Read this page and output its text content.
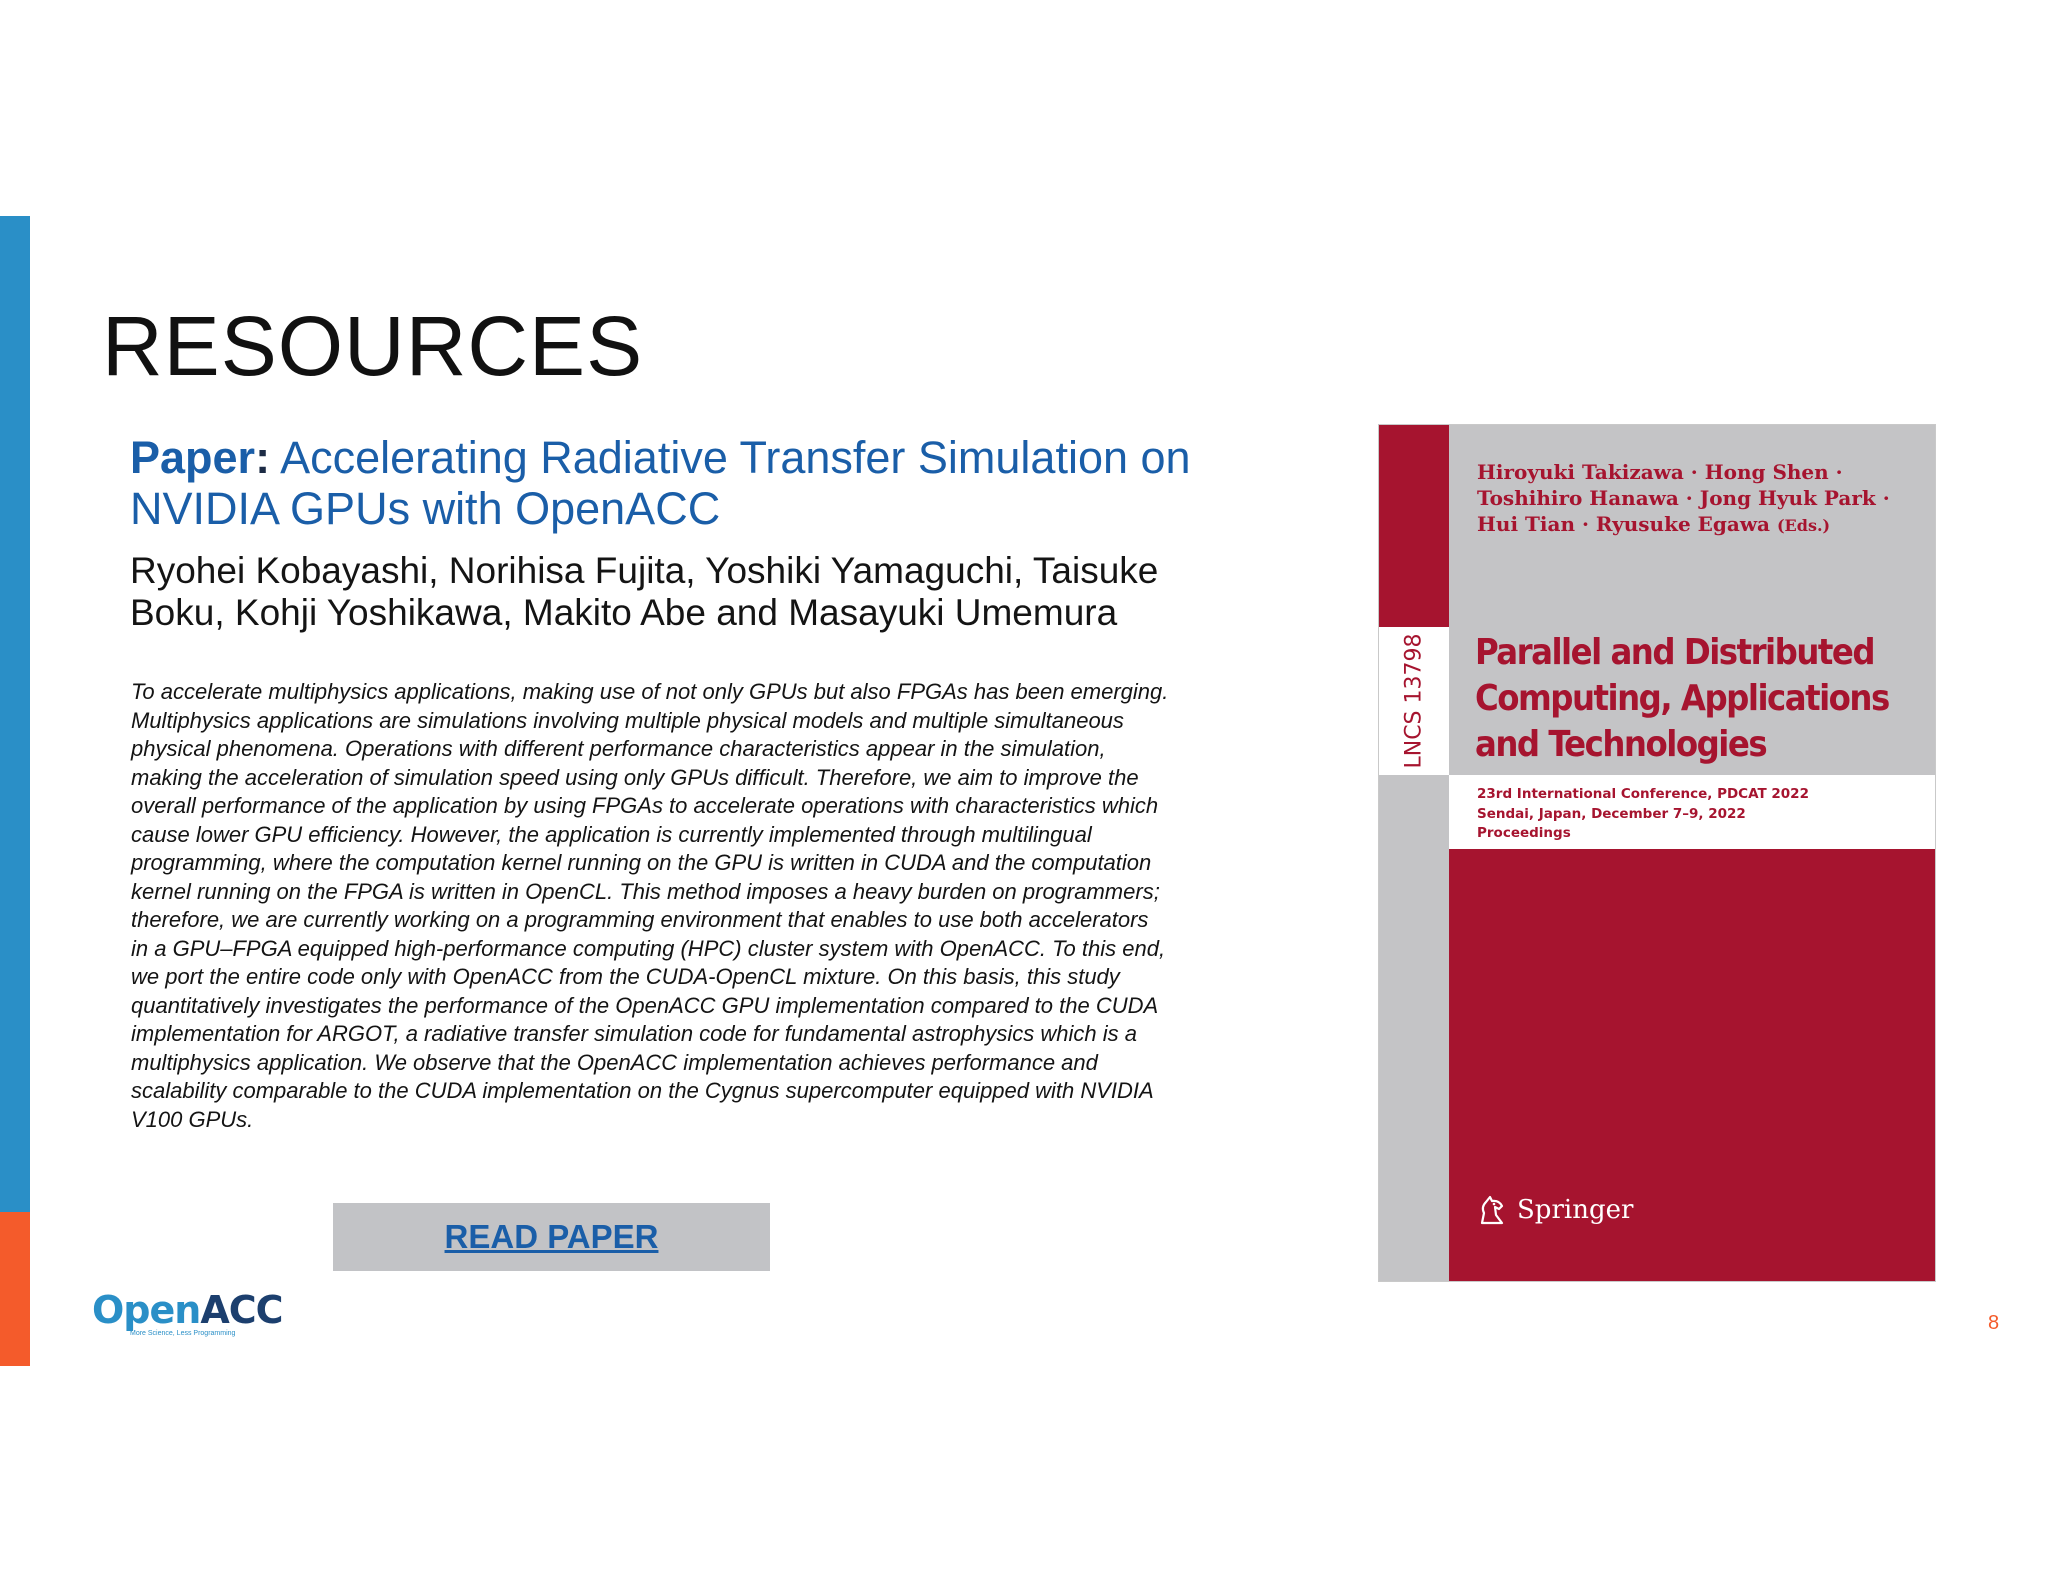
RESOURCES

Paper: Accelerating Radiative Transfer Simulation on NVIDIA GPUs with OpenACC

Ryohei Kobayashi, Norihisa Fujita, Yoshiki Yamaguchi, Taisuke Boku, Kohji Yoshikawa, Makito Abe and Masayuki Umemura

To accelerate multiphysics applications, making use of not only GPUs but also FPGAs has been emerging. Multiphysics applications are simulations involving multiple physical models and multiple simultaneous physical phenomena. Operations with different performance characteristics appear in the simulation, making the acceleration of simulation speed using only GPUs difficult. Therefore, we aim to improve the overall performance of the application by using FPGAs to accelerate operations with characteristics which cause lower GPU efficiency. However, the application is currently implemented through multilingual programming, where the computation kernel running on the GPU is written in CUDA and the computation kernel running on the FPGA is written in OpenCL. This method imposes a heavy burden on programmers; therefore, we are currently working on a programming environment that enables to use both accelerators in a GPU–FPGA equipped high-performance computing (HPC) cluster system with OpenACC. To this end, we port the entire code only with OpenACC from the CUDA-OpenCL mixture. On this basis, this study quantitatively investigates the performance of the OpenACC GPU implementation compared to the CUDA implementation for ARGOT, a radiative transfer simulation code for fundamental astrophysics which is a multiphysics application. We observe that the OpenACC implementation achieves performance and scalability comparable to the CUDA implementation on the Cygnus supercomputer equipped with NVIDIA V100 GPUs.

READ PAPER
OpenACC
More Science, Less Programming	8
LNCS 13798
Hiroyuki Takizawa · Hong Shen ·
Toshihiro Hanawa · Jong Hyuk Park ·
Hui Tian · Ryusuke Egawa (Eds.)
Parallel and Distributed
Computing, Applications
and Technologies
23rd International Conference, PDCAT 2022
Sendai, Japan, December 7–9, 2022
Proceedings
Springer
